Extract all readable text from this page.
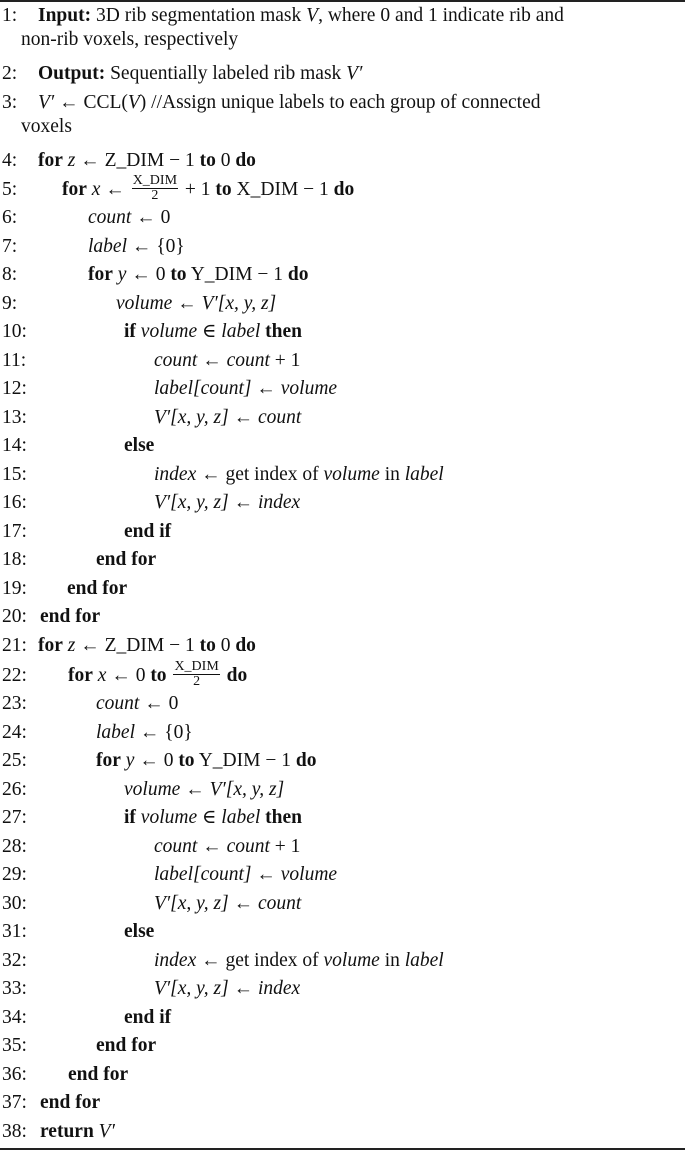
1: Input: 3D rib segmentation mask V, where 0 and 1 indicate rib and
non-rib voxels, respectively
2: Output: Sequentially labeled rib mask V′
3: V′ ← CCL(V) //Assign unique labels to each group of connected
voxels
4: for z ← Z_DIM − 1 to 0 do
5: for x ← $\frac{\text{X\_DIM}}{2} + 1$ to X_DIM − 1 do
6:	count ← 0
7:	label ← {0}
8:	for y ← 0 to Y_DIM − 1 do
9:	volume ← V′[x, y, z]
10:	if volume ∈ label then
11:	count ← count + 1
12:	label[count] ← volume
13:	V′[x, y, z] ← count
14:	else
15:	index ← get index of volume in label
16:	V′[x, y, z] ← index
17:	end if
18:	end for
19: end for
20: end for
21: for z ← Z_DIM − 1 to 0 do
22: for x ← 0 to $\frac{\text{X\_DIM}}{2}$ do
23:	count ← 0
24:	label ← {0}
25:	for y ← 0 to Y_DIM − 1 do
26:	volume ← V′[x, y, z]
27:	if volume ∈ label then
28:	count ← count + 1
29:	label[count] ← volume
30:	V′[x, y, z] ← count
31:	else
32:	index ← get index of volume in label
33:	V′[x, y, z] ← index
34:	end if
35:	end for
36: end for
37: end for
38: return V′
